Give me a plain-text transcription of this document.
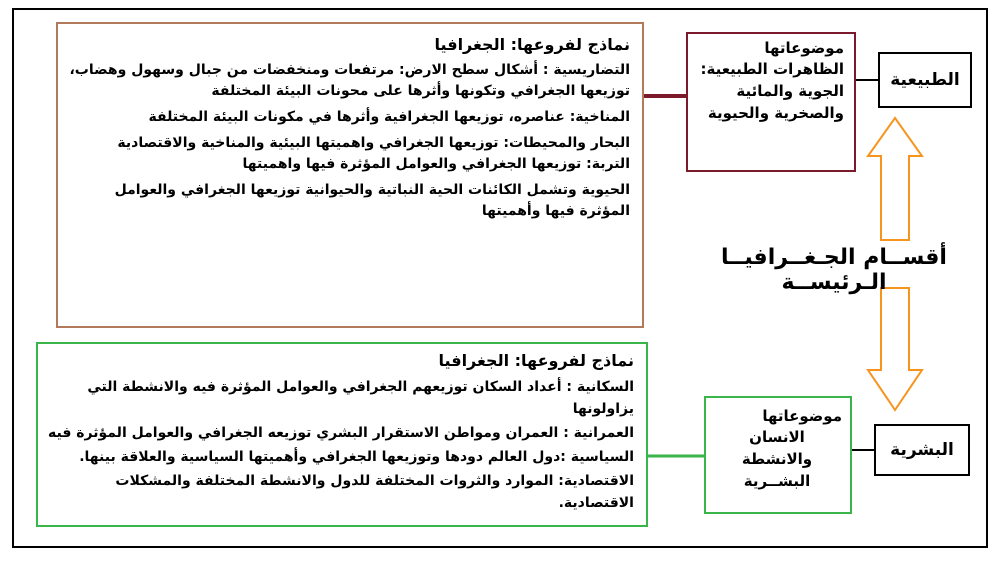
نماذج لفروعها: الجغرافيا
التضاريسية : أشكال سطح الارض: مرتفعات ومنخفضات من جبال وسهول وهضاب، توزيعها الجغرافي وتكونها وأثرها على محونات البيئة المختلفة
المناخية: عناصره، توزيعها الجغرافية وأثرها في مكونات البيئة المختلفة
البحار والمحيطات: توزيعها الجغرافي واهميتها البيئية والمناخية والاقتصادية
التربة: توزيعها الجغرافي والعوامل المؤثرة فيها واهميتها
الحيوية وتشمل الكائنات الحية النباتية والحيوانية توزيعها الجغرافي والعوامل المؤثرة فيها وأهميتها
موضوعاتها
الظاهرات الطبيعية:
الجوية والمائية
والصخرية والحيوية
الطبيعية
أقســام الجـغــرافيــا الـرئيســة
نماذج لفروعها: الجغرافيا
السكانية : أعداد السكان توزيعهم الجغرافي والعوامل المؤثرة فيه والانشطة التي يزاولونها
العمرانية : العمران ومواطن الاستقرار البشري توزيعه الجغرافي والعوامل المؤثرة فيه
السياسية :دول العالم دودها وتوزيعها الجغرافي وأهميتها السياسية والعلاقة بينها.
الاقتصادية: الموارد والثروات المختلفة للدول والانشطة المختلفة والمشكلات الاقتصادية.
موضوعاتها
الانسان والانشطة
البشــرية
البشرية
